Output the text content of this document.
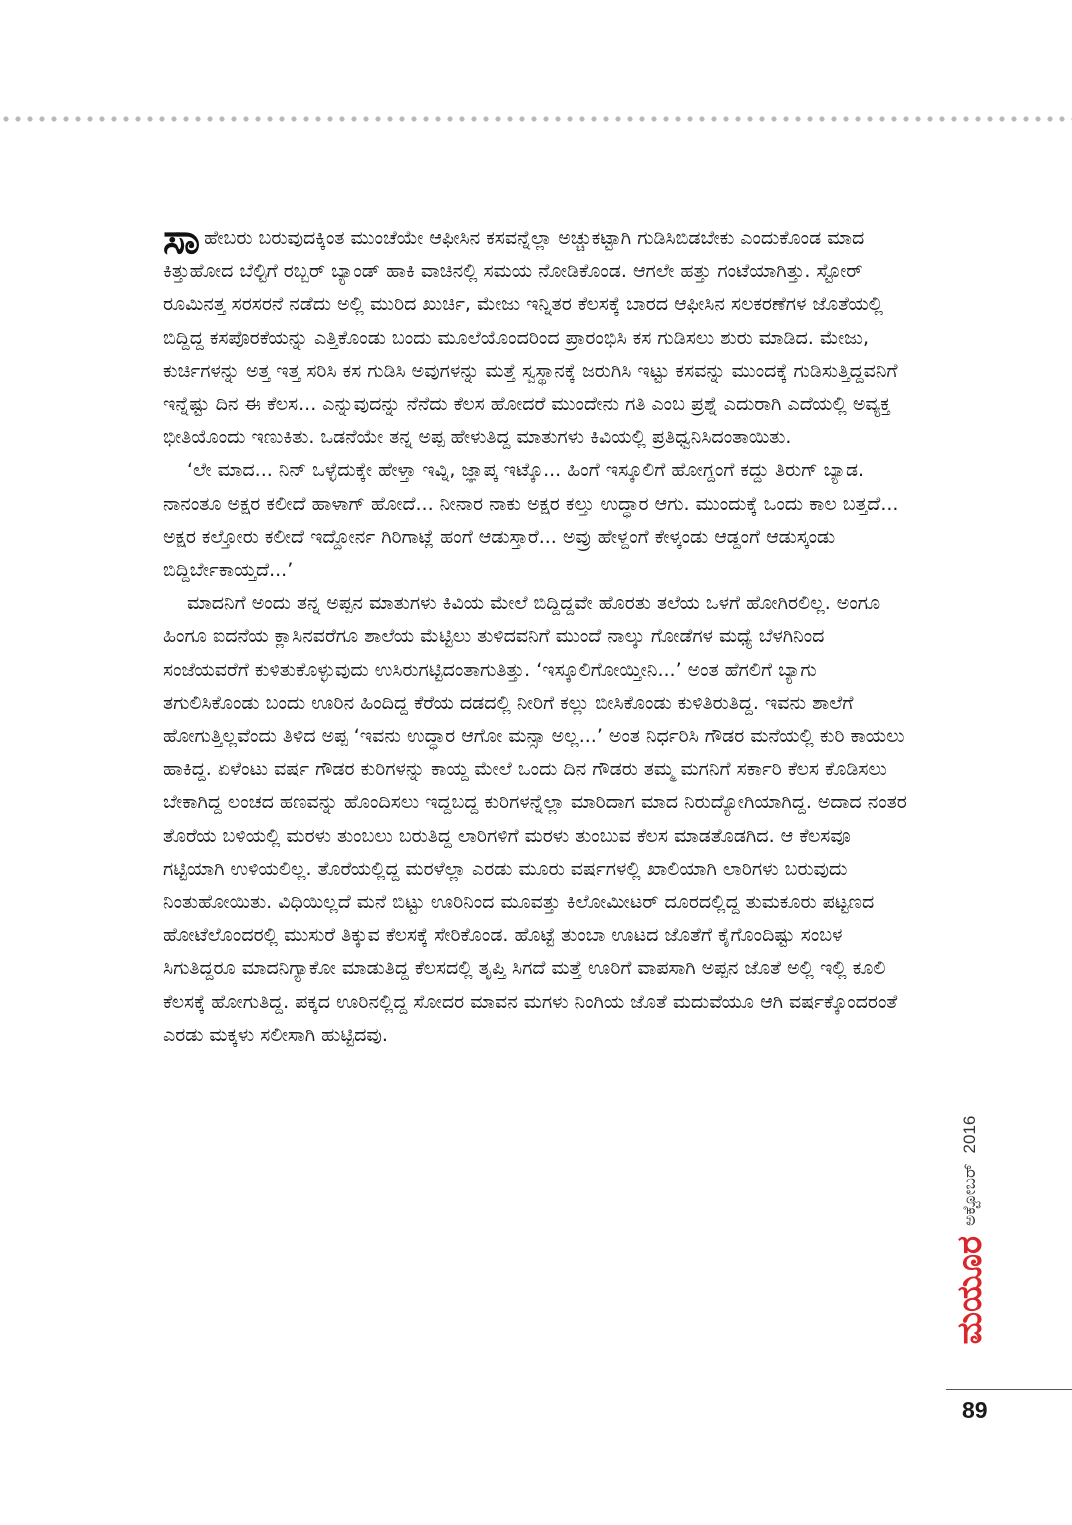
ಸಾಹೇಬರು ಬರುವುದಕ್ಕಿಂತ ಮುಂಚೆಯೇ ಆಫೀಸಿನ ಕಸವನ್ನೆಲ್ಲಾ ಅಚ್ಚುಕಟ್ಟಾಗಿ ಗುಡಿಸಿಬಿಡಬೇಕು ಎಂದುಕೊಂಡ ಮಾದ ಕಿತ್ತುಹೋದ ಬೆಲ್ಟಿಗೆ ರಬ್ಬರ್ ಬ್ಯಾಂಡ್ ಹಾಕಿ ವಾಚಿನಲ್ಲಿ ಸಮಯ ನೋಡಿಕೊಂಡ. ಆಗಲೇ ಹತ್ತು ಗಂಟೆಯಾಗಿತ್ತು. ಸ್ಟೋರ್ ರೂಮಿನತ್ತ ಸರಸರನೆ ನಡೆದು ಅಲ್ಲಿ ಮುರಿದ ಖುರ್ಚಿ, ಮೇಜು ಇನ್ನಿತರ ಕೆಲಸಕ್ಕೆ ಬಾರದ ಆಫೀಸಿನ ಸಲಕರಣೆಗಳ ಜೊತೆಯಲ್ಲಿ ಬಿದ್ದಿದ್ದ ಕಸಪೊರಕೆಯನ್ನು ಎತ್ತಿಕೊಂಡು ಬಂದು ಮೂಲೆಯೊಂದರಿಂದ ಪ್ರಾರಂಭಿಸಿ ಕಸ ಗುಡಿಸಲು ಶುರು ಮಾಡಿದ. ಮೇಜು, ಕುರ್ಚಿಗಳನ್ನು ಅತ್ತ ಇತ್ತ ಸರಿಸಿ ಕಸ ಗುಡಿಸಿ ಅವುಗಳನ್ನು ಮತ್ತೆ ಸ್ವಸ್ಥಾನಕ್ಕೆ ಜರುಗಿಸಿ ಇಟ್ಟು ಕಸವನ್ನು ಮುಂದಕ್ಕೆ ಗುಡಿಸುತ್ತಿದ್ದವನಿಗೆ ಇನ್ನೆಷ್ಟು ದಿನ ಈ ಕೆಲಸ... ಎನ್ನುವುದನ್ನು ನೆನೆದು ಕೆಲಸ ಹೋದರೆ ಮುಂದೇನು ಗತಿ ಎಂಬ ಪ್ರಶ್ನೆ ಎದುರಾಗಿ ಎದೆಯಲ್ಲಿ ಅವ್ಯಕ್ತ ಭೀತಿಯೊಂದು ಇಣುಕಿತು. ಒಡನೆಯೇ ತನ್ನ ಅಪ್ಪ ಹೇಳುತಿದ್ದ ಮಾತುಗಳು ಕಿವಿಯಲ್ಲಿ ಪ್ರತಿಧ್ವನಿಸಿದಂತಾಯಿತು.

‘ಲೇ ಮಾದ... ನಿನ್ ಒಳ್ಳೆದುಕ್ಕೇ ಹೇಳ್ತಾ ಇವ್ನಿ, ಜ್ಞಾಪ್ಕ ಇಟ್ಕೊ... ಹಿಂಗೆ ಇಸ್ಕೂಲಿಗೆ ಹೋಗ್ದಂಗೆ ಕದ್ದು ತಿರುಗ್ ಬ್ಯಾಡ. ನಾನಂತೂ ಅಕ್ಷರ ಕಲೀದೆ ಹಾಳಾಗ್ ಹೋದೆ... ನೀನಾರ ನಾಕು ಅಕ್ಷರ ಕಲ್ತು ಉದ್ಧಾರ ಆಗು. ಮುಂದುಕ್ಕೆ ಒಂದು ಕಾಲ ಬತ್ತದೆ... ಅಕ್ಷರ ಕಲ್ತೋರು ಕಲೀದೆ ಇದ್ದೋರ್ನ ಗಿರಿಗಾಟ್ಲೆ ಹಂಗೆ ಆಡುಸ್ತಾರೆ... ಅವ್ರು ಹೇಳ್ದಂಗೆ ಕೇಳ್ಕಂಡು ಆಡ್ದಂಗೆ ಆಡುಸ್ಕಂಡು ಬಿದ್ದಿರ್ಬೇಕಾಯ್ತದೆ...’

ಮಾದನಿಗೆ ಅಂದು ತನ್ನ ಅಪ್ಪನ ಮಾತುಗಳು ಕಿವಿಯ ಮೇಲೆ ಬಿದ್ದಿದ್ದವೇ ಹೊರತು ತಲೆಯ ಒಳಗೆ ಹೋಗಿರಲಿಲ್ಲ. ಅಂಗೂ ಹಿಂಗೂ ಐದನೆಯ ಕ್ಲಾಸಿನವರೆಗೂ ಶಾಲೆಯ ಮೆಟ್ಟಿಲು ತುಳಿದವನಿಗೆ ಮುಂದೆ ನಾಲ್ಕು ಗೋಡೆಗಳ ಮಧ್ಯೆ ಬೆಳಗಿನಿಂದ ಸಂಜೆಯವರೆಗೆ ಕುಳಿತುಕೊಳ್ಳುವುದು ಉಸಿರುಗಟ್ಟಿದಂತಾಗುತಿತ್ತು. ‘ಇಸ್ಕೂಲಿಗೋಯ್ತೀನಿ...’ ಅಂತ ಹೆಗಲಿಗೆ ಬ್ಯಾಗು ತಗುಲಿಸಿಕೊಂಡು ಬಂದು ಊರಿನ ಹಿಂದಿದ್ದ ಕೆರೆಯ ದಡದಲ್ಲಿ ನೀರಿಗೆ ಕಲ್ಲು ಬೀಸಿಕೊಂಡು ಕುಳಿತಿರುತಿದ್ದ. ಇವನು ಶಾಲೆಗೆ ಹೋಗುತ್ತಿಲ್ಲವೆಂದು ತಿಳಿದ ಅಪ್ಪ ‘ಇವನು ಉದ್ಧಾರ ಆಗೋ ಮನ್ಸಾ ಅಲ್ಲ...’ ಅಂತ ನಿರ್ಧರಿಸಿ ಗೌಡರ ಮನೆಯಲ್ಲಿ ಕುರಿ ಕಾಯಲು ಹಾಕಿದ್ದ. ಏಳೆಂಟು ವರ್ಷ ಗೌಡರ ಕುರಿಗಳನ್ನು ಕಾಯ್ದ ಮೇಲೆ ಒಂದು ದಿನ ಗೌಡರು ತಮ್ಮ ಮಗನಿಗೆ ಸರ್ಕಾರಿ ಕೆಲಸ ಕೊಡಿಸಲು ಬೇಕಾಗಿದ್ದ ಲಂಚದ ಹಣವನ್ನು ಹೊಂದಿಸಲು ಇದ್ದಬದ್ದ ಕುರಿಗಳನ್ನೆಲ್ಲಾ ಮಾರಿದಾಗ ಮಾದ ನಿರುದ್ಯೋಗಿಯಾಗಿದ್ದ. ಅದಾದ ನಂತರ ತೊರೆಯ ಬಳಿಯಲ್ಲಿ ಮರಳು ತುಂಬಲು ಬರುತಿದ್ದ ಲಾರಿಗಳಿಗೆ ಮರಳು ತುಂಬುವ ಕೆಲಸ ಮಾಡತೊಡಗಿದ. ಆ ಕೆಲಸವೂ ಗಟ್ಟಿಯಾಗಿ ಉಳಿಯಲಿಲ್ಲ. ತೊರೆಯಲ್ಲಿದ್ದ ಮರಳೆಲ್ಲಾ ಎರಡು ಮೂರು ವರ್ಷಗಳಲ್ಲಿ ಖಾಲಿಯಾಗಿ ಲಾರಿಗಳು ಬರುವುದು ನಿಂತುಹೋಯಿತು. ವಿಧಿಯಿಲ್ಲದೆ ಮನೆ ಬಿಟ್ಟು ಊರಿನಿಂದ ಮೂವತ್ತು ಕಿಲೋಮೀಟರ್ ದೂರದಲ್ಲಿದ್ದ ತುಮಕೂರು ಪಟ್ಟಣದ ಹೋಟೆಲೊಂದರಲ್ಲಿ ಮುಸುರೆ ತಿಕ್ಕುವ ಕೆಲಸಕ್ಕೆ ಸೇರಿಕೊಂಡ. ಹೊಟ್ಟೆ ತುಂಬಾ ಊಟದ ಜೊತೆಗೆ ಕೈಗೊಂದಿಷ್ಟು ಸಂಬಳ ಸಿಗುತಿದ್ದರೂ ಮಾದನಿಗ್ಯಾಕೋ ಮಾಡುತಿದ್ದ ಕೆಲಸದಲ್ಲಿ ತೃಪ್ತಿ ಸಿಗದೆ ಮತ್ತೆ ಊರಿಗೆ ವಾಪಸಾಗಿ ಅಪ್ಪನ ಜೊತೆ ಅಲ್ಲಿ ಇಲ್ಲಿ ಕೂಲಿ ಕೆಲಸಕ್ಕೆ ಹೋಗುತಿದ್ದ. ಪಕ್ಕದ ಊರಿನಲ್ಲಿದ್ದ ಸೋದರ ಮಾವನ ಮಗಳು ನಿಂಗಿಯ ಜೊತೆ ಮದುವೆಯೂ ಆಗಿ ವರ್ಷಕ್ಕೊಂದರಂತೆ ಎರಡು ಮಕ್ಕಳು ಸಲೀಸಾಗಿ ಹುಟ್ಟಿದವು.

ಮಯೂರ
ಅಕ್ಟೋಬರ್
2016
89
